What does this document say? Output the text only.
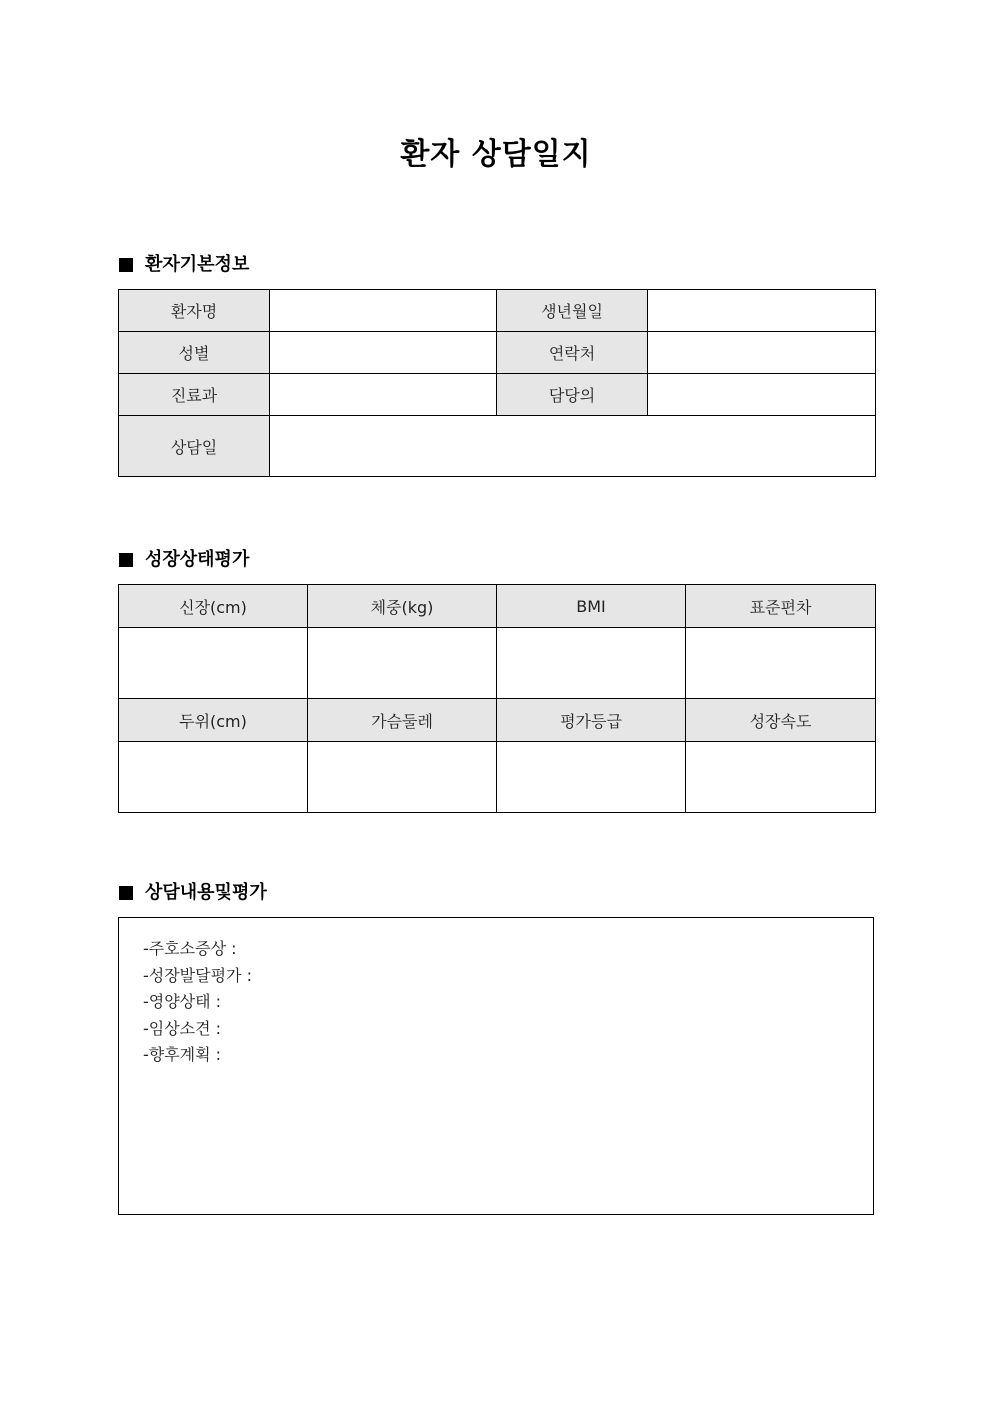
환자 상담일지
환자기본정보
환자명		생년월일	
성별		연락처	
진료과		담당의	
상담일			
성장상태평가
신장(cm)	체중(kg)	BMI	표준편차

두위(cm)	가슴둘레	평가등급	성장속도

상담내용및평가
-주호소증상 :
-성장발달평가 :
-영양상태 :
-임상소견 :
-향후계획 :
